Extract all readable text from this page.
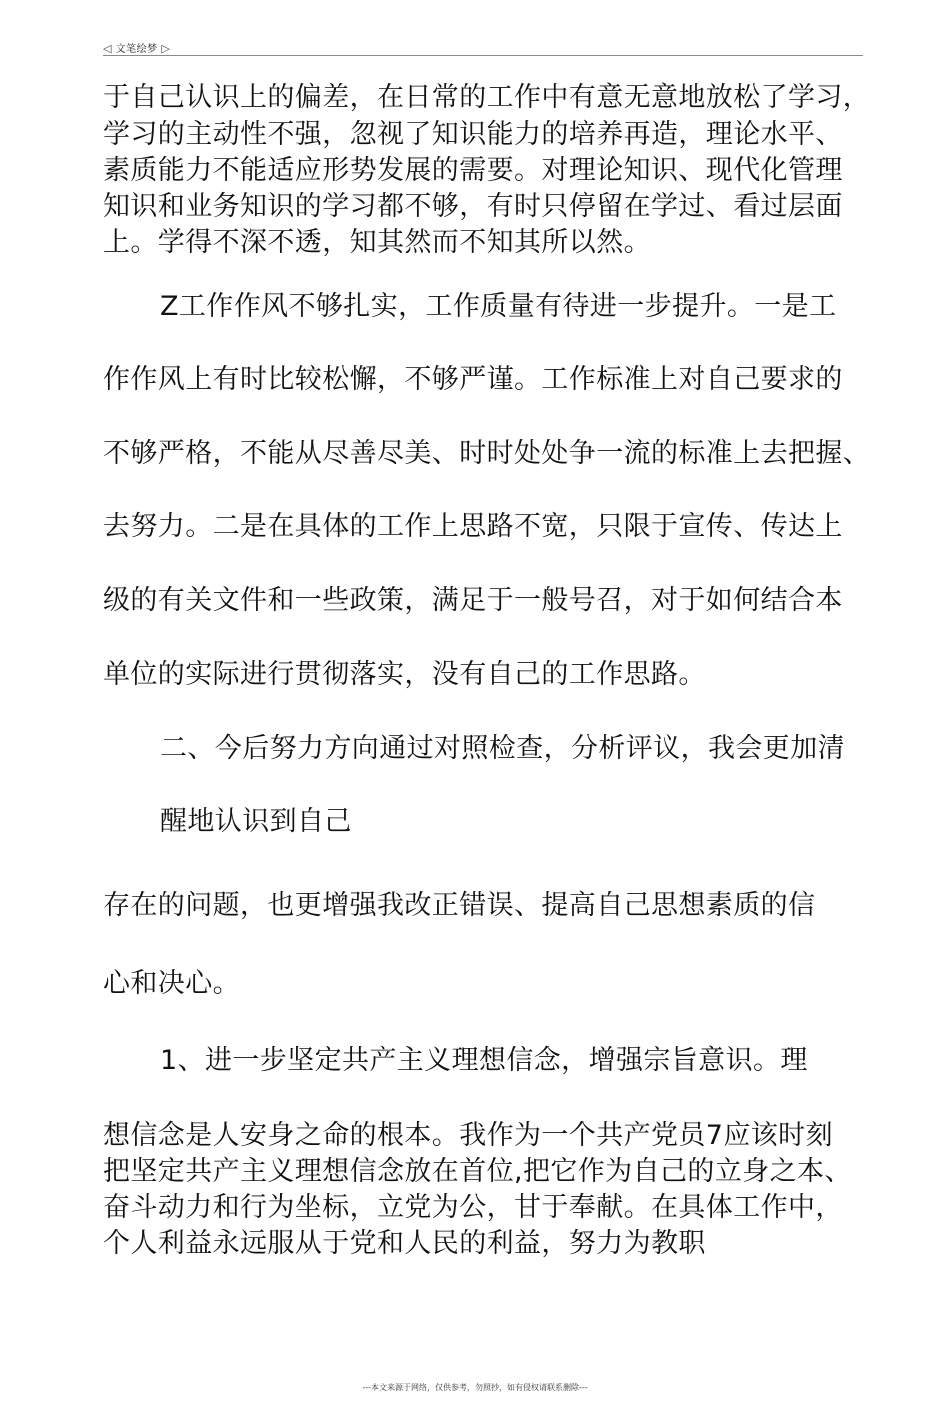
◁ 文笔绘梦 ▷

于自己认识上的偏差，在日常的工作中有意无意地放松了学习，

学习的主动性不强，忽视了知识能力的培养再造，理论水平、

素质能力不能适应形势发展的需要。对理论知识、现代化管理

知识和业务知识的学习都不够，有时只停留在学过、看过层面

上。学得不深不透，知其然而不知其所以然。

Z工作作风不够扎实，工作质量有待进一步提升。一是工

作作风上有时比较松懈，不够严谨。工作标准上对自己要求的

不够严格，不能从尽善尽美、时时处处争一流的标准上去把握、

去努力。二是在具体的工作上思路不宽，只限于宣传、传达上

级的有关文件和一些政策，满足于一般号召，对于如何结合本

单位的实际进行贯彻落实，没有自己的工作思路。

二、今后努力方向通过对照检查，分析评议，我会更加清

醒地认识到自己

存在的问题，也更增强我改正错误、提高自己思想素质的信

心和决心。

1、进一步坚定共产主义理想信念，增强宗旨意识。理

想信念是人安身之命的根本。我作为一个共产党员7应该时刻

把坚定共产主义理想信念放在首位,把它作为自己的立身之本、

奋斗动力和行为坐标，立党为公，甘于奉献。在具体工作中，

个人利益永远服从于党和人民的利益，努力为教职

---本文来源于网络，仅供参考，勿照抄，如有侵权请联系删除---
